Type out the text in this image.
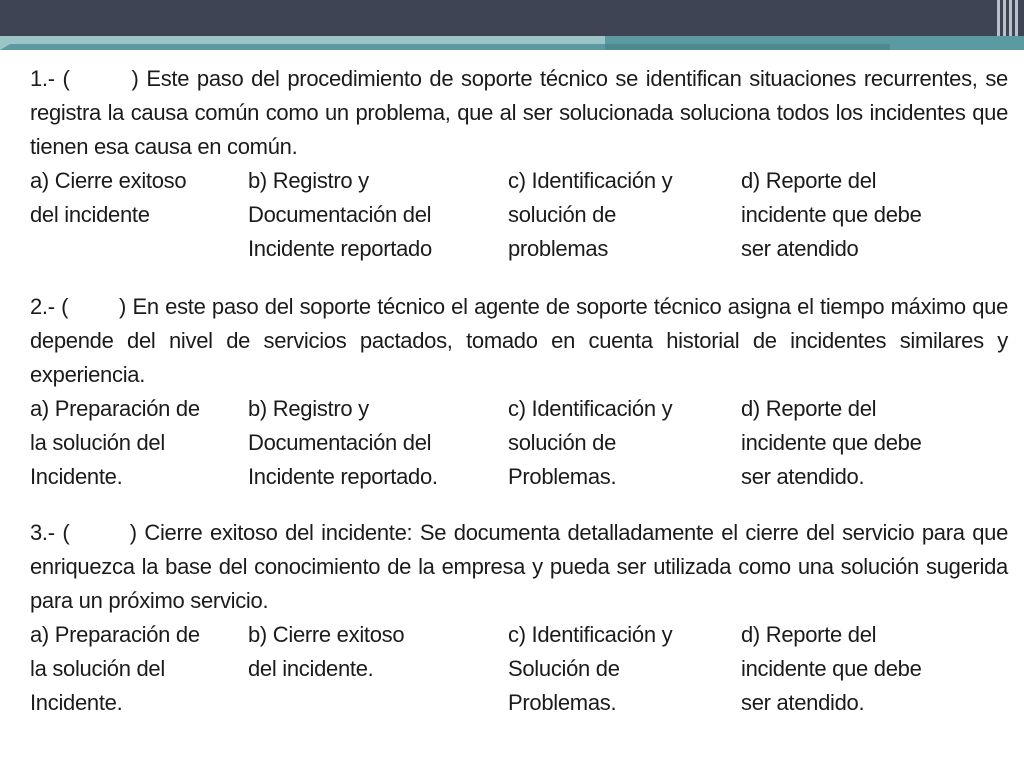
1.- (        ) Este paso del procedimiento de soporte técnico se identifican situaciones recurrentes, se registra la causa común como un problema, que al ser solucionada soluciona todos los incidentes que tienen esa causa en común.
a) Cierre exitoso
del incidente
b) Registro y
Documentación del
Incidente reportado
c) Identificación y
solución de
problemas
d) Reporte del
incidente que debe
ser atendido
2.- (        ) En este paso del soporte técnico el agente de soporte técnico asigna el tiempo máximo que depende del nivel de servicios pactados, tomado en cuenta historial de incidentes similares y experiencia.
a) Preparación de
la solución del
Incidente.
b) Registro y
Documentación del
Incidente reportado.
c) Identificación y
solución de
Problemas.
d) Reporte del
incidente que debe
ser atendido.
3.- (        ) Cierre exitoso del incidente: Se documenta detalladamente el cierre del servicio para que enriquezca la base del conocimiento de la empresa y pueda ser utilizada como una solución sugerida para un próximo servicio.
a) Preparación de
la solución del
Incidente.
b) Cierre exitoso
del incidente.
c) Identificación y
Solución de
Problemas.
d) Reporte del
incidente que debe
ser atendido.
